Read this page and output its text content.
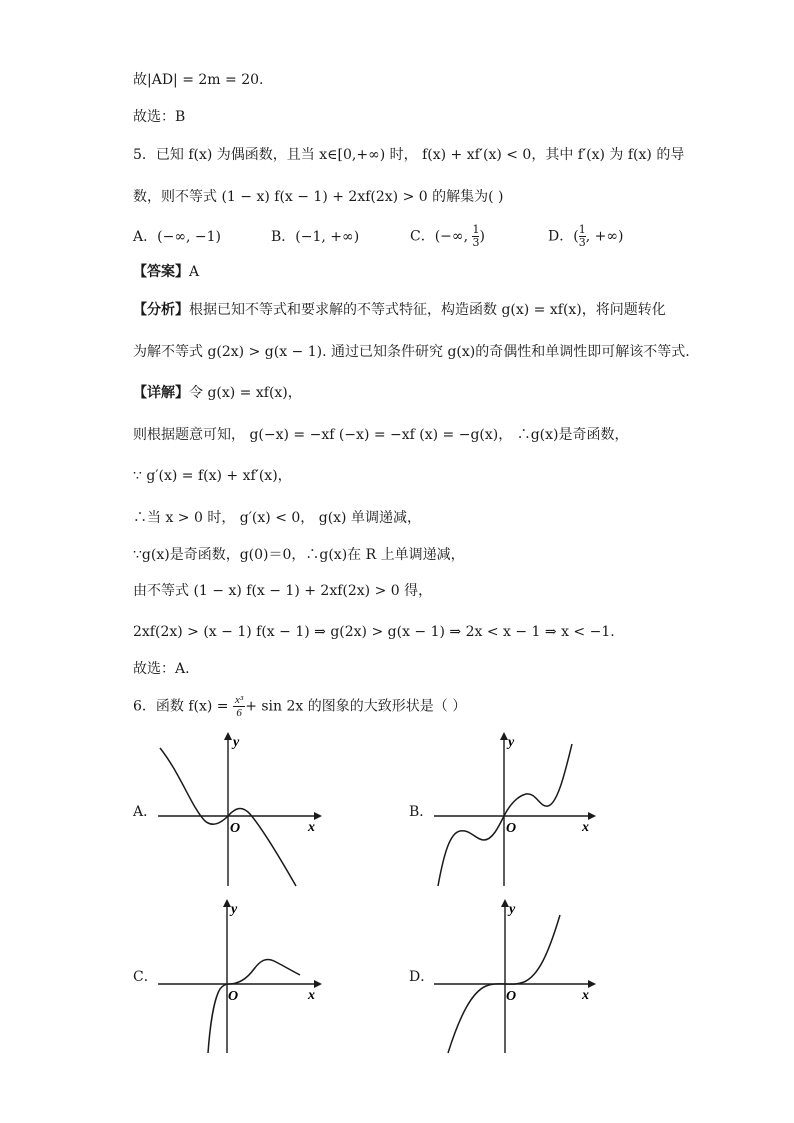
故|AD| = 2m = 20.
故选：B
5．已知 f(x) 为偶函数，且当 x∈[0,+∞) 时， f(x) + xf′(x) < 0，其中 f′(x) 为 f(x) 的导
数，则不等式 (1 − x) f(x − 1) + 2xf(2x) > 0 的解集为( )
A．(−∞, −1)	B．(−1, +∞)	C．(−∞, $\frac{1}{3}$ )	D．( $\frac{1}{3}$ , +∞)
【答案】A
【分析】根据已知不等式和要求解的不等式特征，构造函数 g(x) = xf(x)，将问题转化
为解不等式 g(2x) > g(x − 1). 通过已知条件研究 g(x)的奇偶性和单调性即可解该不等式.
【详解】令 g(x) = xf(x)，
则根据题意可知， g(−x) = −xf (−x) = −xf (x) = −g(x)， ∴g(x)是奇函数，
∵ g′(x) = f(x) + xf′(x)，
∴当 x > 0 时， g′(x) < 0， g(x) 单调递减，
∵g(x)是奇函数，g(0)＝0，∴g(x)在 R 上单调递减，
由不等式 (1 − x) f(x − 1) + 2xf(2x) > 0 得，
2xf(2x) > (x − 1) f(x − 1) ⇒ g(2x) > g(x − 1) ⇒ 2x < x − 1 ⇒ x < −1.
故选：A.
6．函数 $f(x) = \frac{\text{x³}}{6} + \sin 2x$ 的图象的大致形状是（ ）
A．	B．
C．	D．
y
x
O
y
x
O
y
x
O
y
x
O
